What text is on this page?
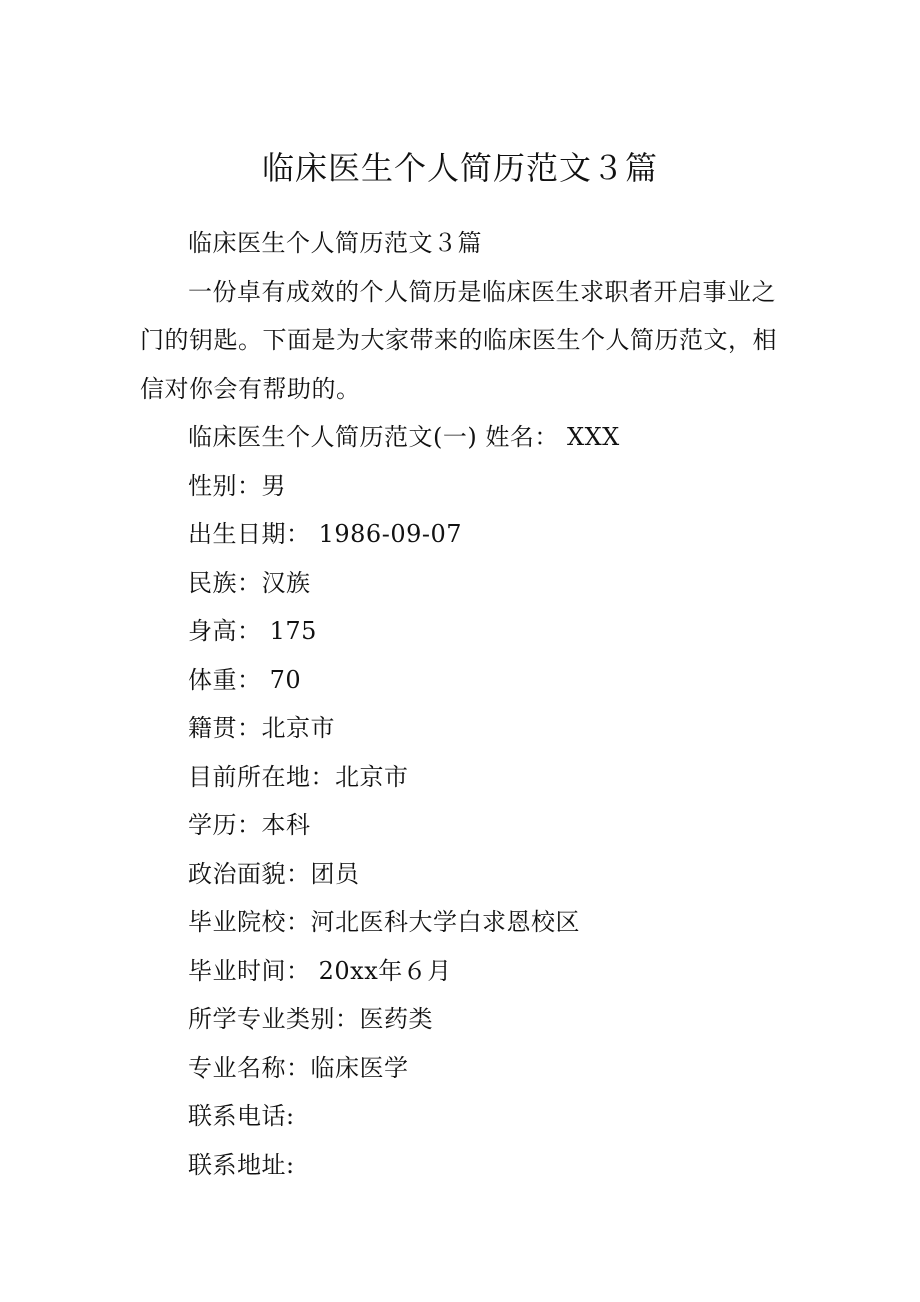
临床医生个人简历范文３篇

临床医生个人简历范文３篇

一份卓有成效的个人简历是临床医生求职者开启事业之门的钥匙。下面是为大家带来的临床医生个人简历范文，相信对你会有帮助的。

临床医生个人简历范文(一) 姓名： XXX

性别：男

出生日期： 1986-09-07

民族：汉族

身高： 175

体重： 70

籍贯：北京市

目前所在地：北京市

学历：本科

政治面貌：团员

毕业院校：河北医科大学白求恩校区

毕业时间： 20xx年６月

所学专业类别：医药类

专业名称：临床医学

联系电话:

联系地址:
